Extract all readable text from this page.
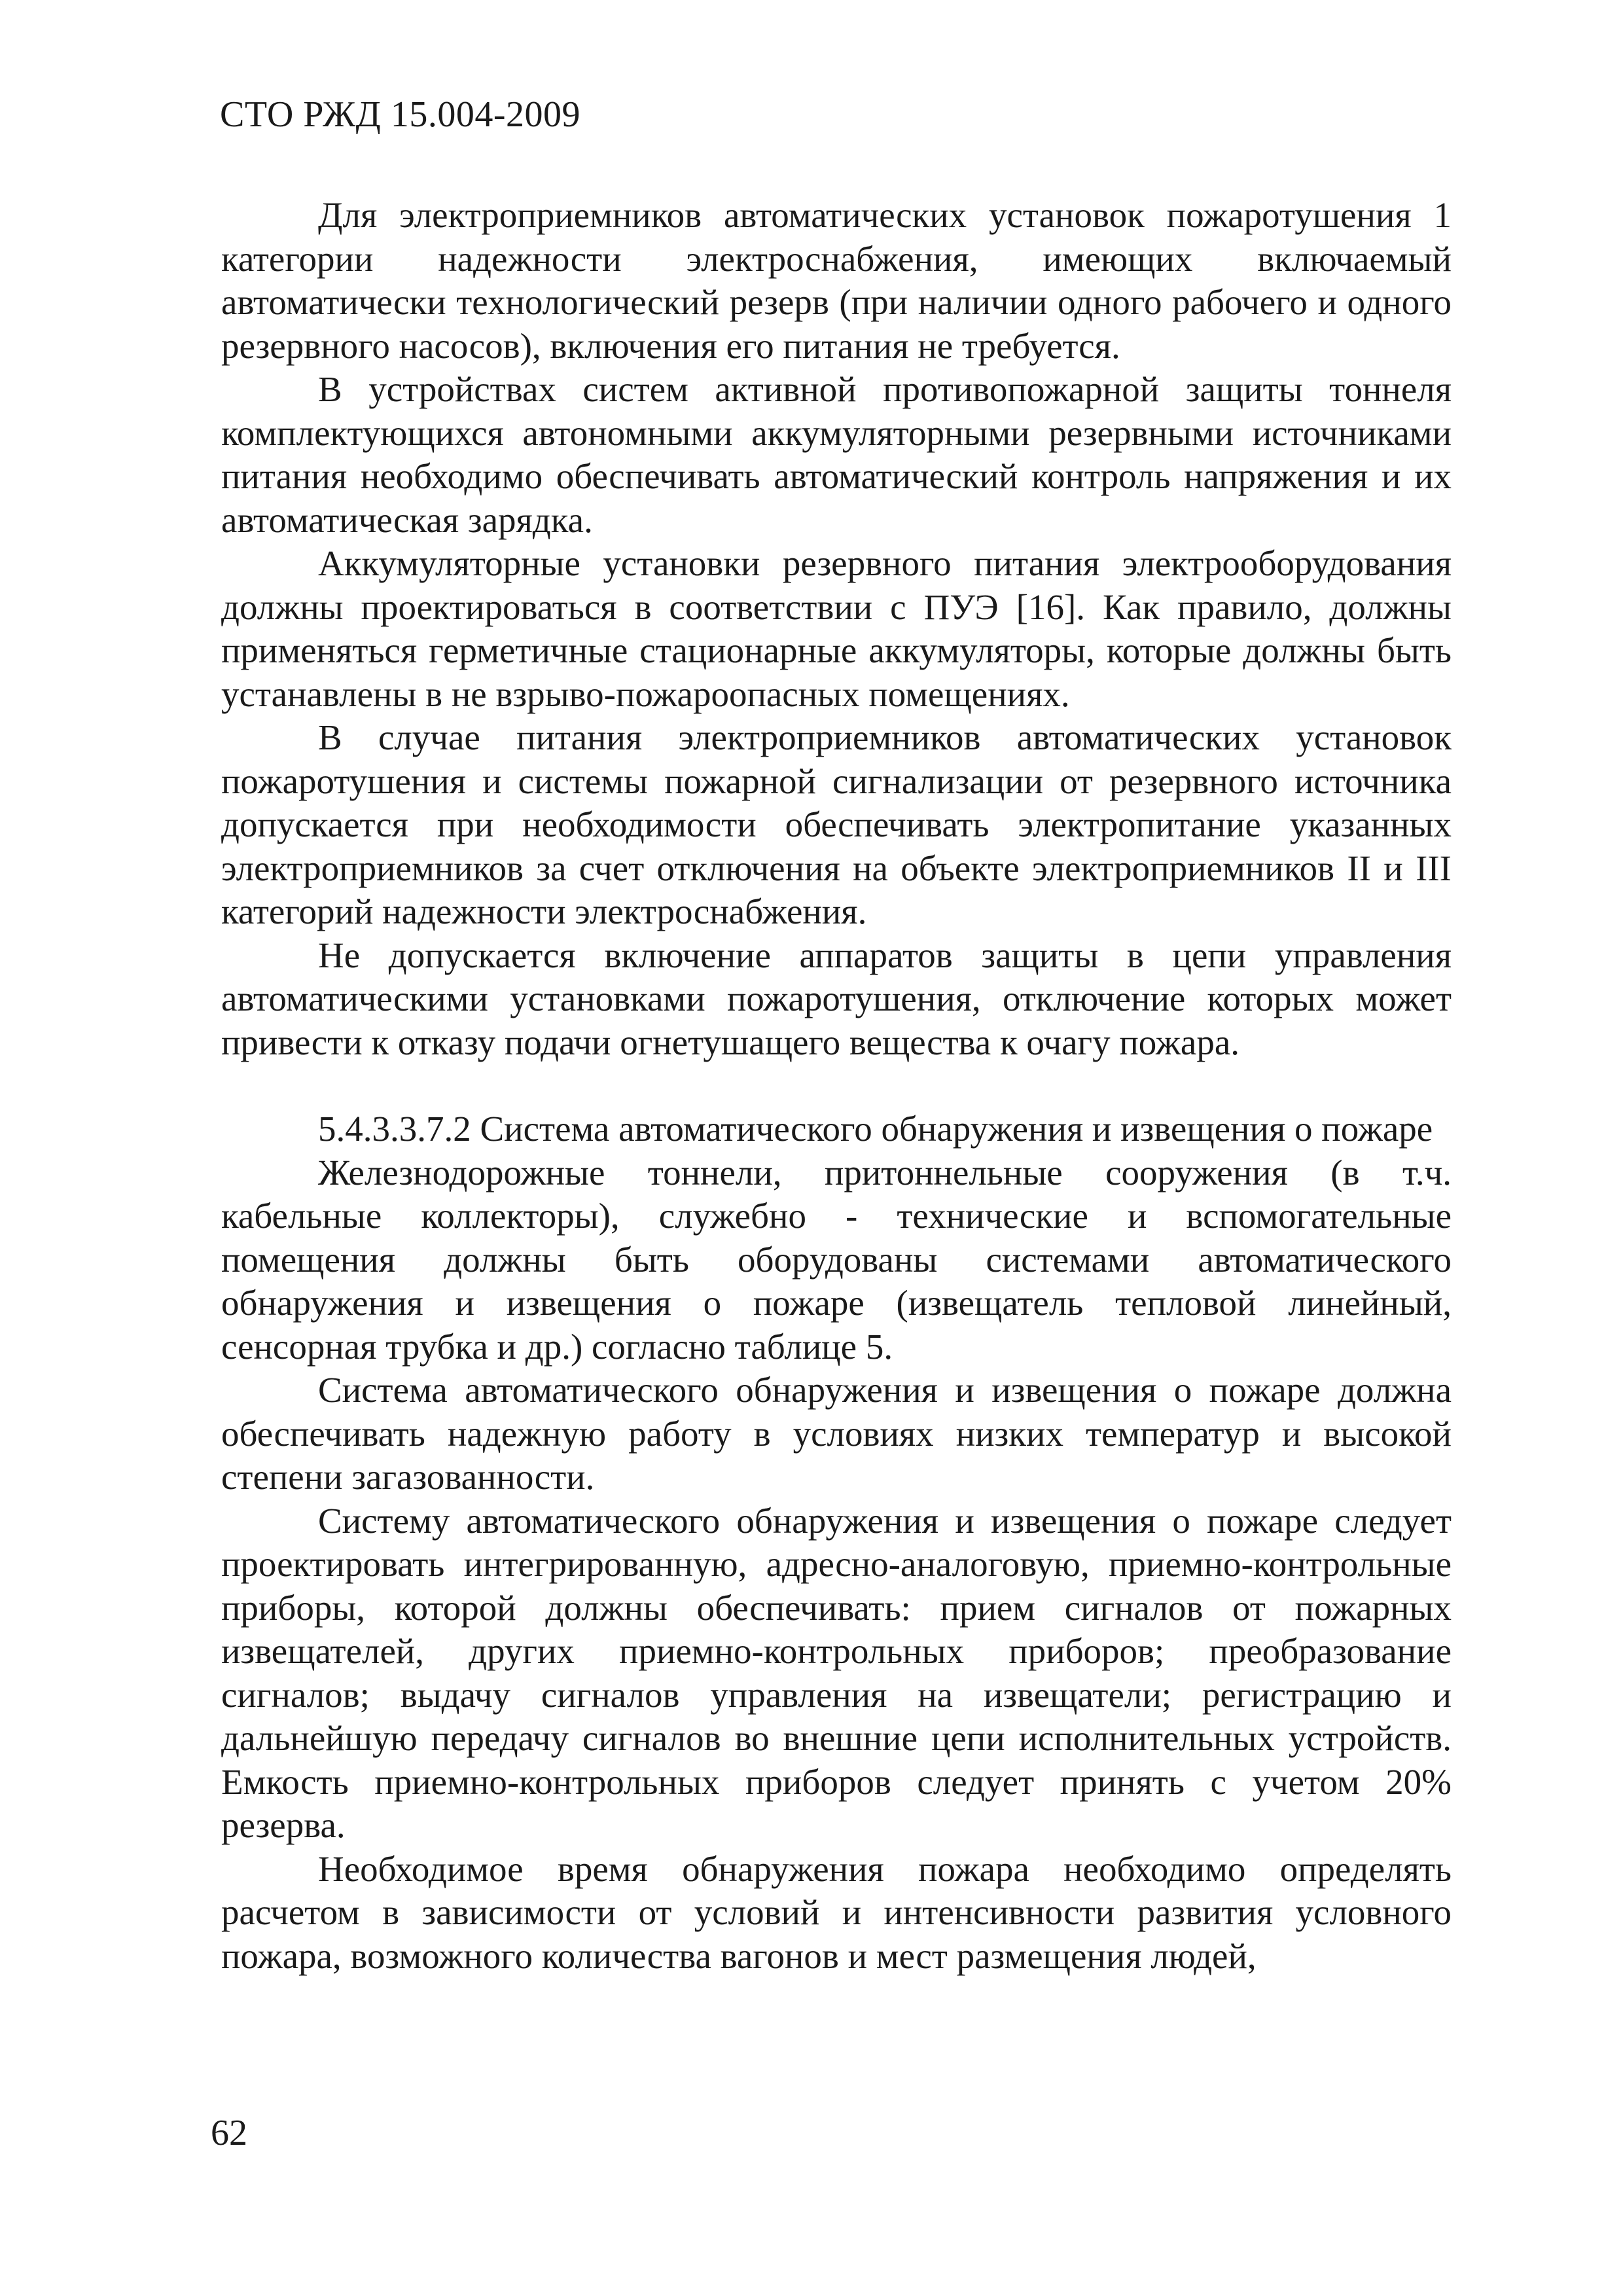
СТО РЖД 15.004-2009

Для электроприемников автоматических установок пожаротушения 1 категории надежности электроснабжения, имеющих включаемый автоматически технологический резерв (при наличии одного рабочего и одного резервного насосов), включения его питания не требуется.

В устройствах систем активной противопожарной защиты тоннеля комплектующихся автономными аккумуляторными резервными источниками питания необходимо обеспечивать автоматический контроль напряжения и их автоматическая зарядка.

Аккумуляторные установки резервного питания электрооборудования должны проектироваться в соответствии с ПУЭ [16]. Как правило, должны применяться герметичные стационарные аккумуляторы, которые должны быть устанавлены в не взрыво-пожароопасных помещениях.

В случае питания электроприемников автоматических установок пожаротушения и системы пожарной сигнализации от резервного источника допускается при необходимости обеспечивать электропитание указанных электроприемников за счет отключения на объекте электроприемников II и III категорий надежности электроснабжения.

Не допускается включение аппаратов защиты в цепи управления автоматическими установками пожаротушения, отключение которых может привести к отказу подачи огнетушащего вещества к очагу пожара.

5.4.3.3.7.2 Система автоматического обнаружения и извещения о пожаре

Железнодорожные тоннели, притоннельные сооружения (в т.ч. кабельные коллекторы), служебно - технические и вспомогательные помещения должны быть оборудованы системами автоматического обнаружения и извещения о пожаре (извещатель тепловой линейный, сенсорная трубка и др.) согласно таблице 5.

Система автоматического обнаружения и извещения о пожаре должна обеспечивать надежную работу в условиях низких температур и высокой степени загазованности.

Систему автоматического обнаружения и извещения о пожаре следует проектировать интегрированную, адресно-аналоговую, приемно-контрольные приборы, которой должны обеспечивать: прием сигналов от пожарных извещателей, других приемно-контрольных приборов; преобразование сигналов; выдачу сигналов управления на извещатели; регистрацию и дальнейшую передачу сигналов во внешние цепи исполнительных устройств. Емкость приемно-контрольных приборов следует принять с учетом 20% резерва.

Необходимое время обнаружения пожара необходимо определять расчетом в зависимости от условий и интенсивности развития условного пожара, возможного количества вагонов и мест размещения людей,

62
